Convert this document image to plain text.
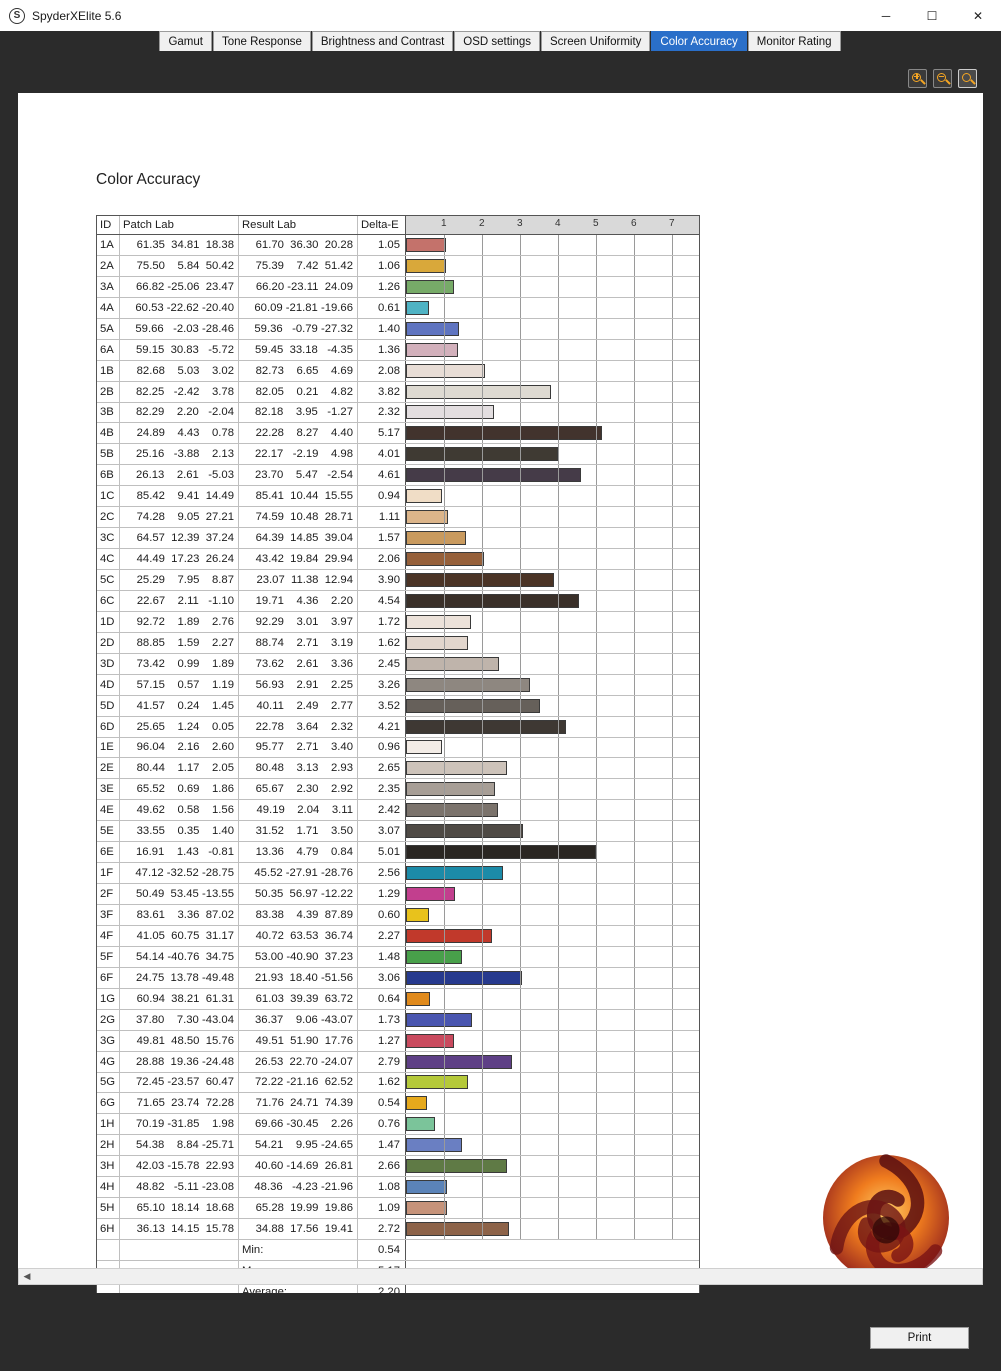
S SpyderXElite 5.6	─	☐	✕
Gamut	Tone Response	Brightness and Contrast	OSD settings	Screen Uniformity	Color Accuracy	Monitor Rating
Color Accuracy
ID	Patch Lab	Result Lab	Delta-E	1	2	3	4	5	6	7
1A	61.35  34.81  18.38	61.70  36.30  20.28	1.05
2A	75.50    5.84  50.42	75.39    7.42  51.42	1.06
3A	66.82 -25.06  23.47	66.20 -23.11  24.09	1.26
4A	60.53 -22.62 -20.40	60.09 -21.81 -19.66	0.61
5A	59.66   -2.03 -28.46	59.36   -0.79 -27.32	1.40
6A	59.15  30.83   -5.72	59.45  33.18   -4.35	1.36
1B	82.68    5.03    3.02	82.73    6.65    4.69	2.08
2B	82.25   -2.42    3.78	82.05    0.21    4.82	3.82
3B	82.29    2.20   -2.04	82.18    3.95   -1.27	2.32
4B	24.89    4.43    0.78	22.28    8.27    4.40	5.17
5B	25.16   -3.88    2.13	22.17   -2.19    4.98	4.01
6B	26.13    2.61   -5.03	23.70    5.47   -2.54	4.61
1C	85.42    9.41  14.49	85.41  10.44  15.55	0.94
2C	74.28    9.05  27.21	74.59  10.48  28.71	1.11
3C	64.57  12.39  37.24	64.39  14.85  39.04	1.57
4C	44.49  17.23  26.24	43.42  19.84  29.94	2.06
5C	25.29    7.95    8.87	23.07  11.38  12.94	3.90
6C	22.67    2.11   -1.10	19.71    4.36    2.20	4.54
1D	92.72    1.89    2.76	92.29    3.01    3.97	1.72
2D	88.85    1.59    2.27	88.74    2.71    3.19	1.62
3D	73.42    0.99    1.89	73.62    2.61    3.36	2.45
4D	57.15    0.57    1.19	56.93    2.91    2.25	3.26
5D	41.57    0.24    1.45	40.11    2.49    2.77	3.52
6D	25.65    1.24    0.05	22.78    3.64    2.32	4.21
1E	96.04    2.16    2.60	95.77    2.71    3.40	0.96
2E	80.44    1.17    2.05	80.48    3.13    2.93	2.65
3E	65.52    0.69    1.86	65.67    2.30    2.92	2.35
4E	49.62    0.58    1.56	49.19    2.04    3.11	2.42
5E	33.55    0.35    1.40	31.52    1.71    3.50	3.07
6E	16.91    1.43   -0.81	13.36    4.79    0.84	5.01
1F	47.12 -32.52 -28.75	45.52 -27.91 -28.76	2.56
2F	50.49  53.45 -13.55	50.35  56.97 -12.22	1.29
3F	83.61    3.36  87.02	83.38    4.39  87.89	0.60
4F	41.05  60.75  31.17	40.72  63.53  36.74	2.27
5F	54.14 -40.76  34.75	53.00 -40.90  37.23	1.48
6F	24.75  13.78 -49.48	21.93  18.40 -51.56	3.06
1G	60.94  38.21  61.31	61.03  39.39  63.72	0.64
2G	37.80    7.30 -43.04	36.37    9.06 -43.07	1.73
3G	49.81  48.50  15.76	49.51  51.90  17.76	1.27
4G	28.88  19.36 -24.48	26.53  22.70 -24.07	2.79
5G	72.45 -23.57  60.47	72.22 -21.16  62.52	1.62
6G	71.65  23.74  72.28	71.76  24.71  74.39	0.54
1H	70.19 -31.85    1.98	69.66 -30.45    2.26	0.76
2H	54.38    8.84 -25.71	54.21    9.95 -24.65	1.47
3H	42.03 -15.78  22.93	40.60 -14.69  26.81	2.66
4H	48.82   -5.11 -23.08	48.36   -4.23 -21.96	1.08
5H	65.10  18.14  18.68	65.28  19.99  19.86	1.09
6H	36.13  14.15  15.78	34.88  17.56  19.41	2.72
Min:	0.54
◀
Print
